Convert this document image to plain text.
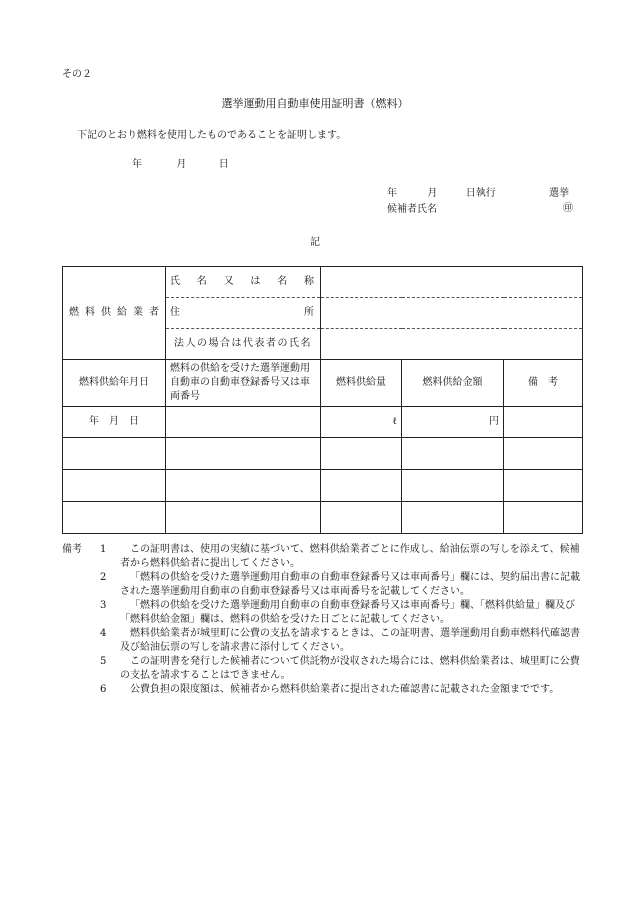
その２
選挙運動用自動車使用証明書（燃料）
下記のとおり燃料を使用したものであることを証明します。
年	月	日
年	月	日執行	選挙
候補者氏名	㊞
記
燃料供給業者	氏名又は名称			

	住所			

	法人の場合は代表者の氏名			

燃料供給年月日	燃料の供給を受けた選挙運動用自動車の自動車登録番号又は車両番号	燃料供給量	燃料供給金額	備　考
年　月　日		ℓ	円	

備考	1	この証明書は、使用の実績に基づいて、燃料供給業者ごとに作成し、給油伝票の写しを添えて、候補者から燃料供給者に提出してください。
2	「燃料の供給を受けた選挙運動用自動車の自動車登録番号又は車両番号」欄には、契約届出書に記載された選挙運動用自動車の自動車登録番号又は車両番号を記載してください。
3	「燃料の供給を受けた選挙運動用自動車の自動車登録番号又は車両番号」欄、「燃料供給量」欄及び「燃料供給金額」欄は、燃料の供給を受けた日ごとに記載してください。
4	燃料供給業者が城里町に公費の支払を請求するときは、この証明書、選挙運動用自動車燃料代確認書及び給油伝票の写しを請求書に添付してください。
5	この証明書を発行した候補者について供託物が没収された場合には、燃料供給業者は、城里町に公費の支払を請求することはできません。
6	公費負担の限度額は、候補者から燃料供給業者に提出された確認書に記載された金額までです。
